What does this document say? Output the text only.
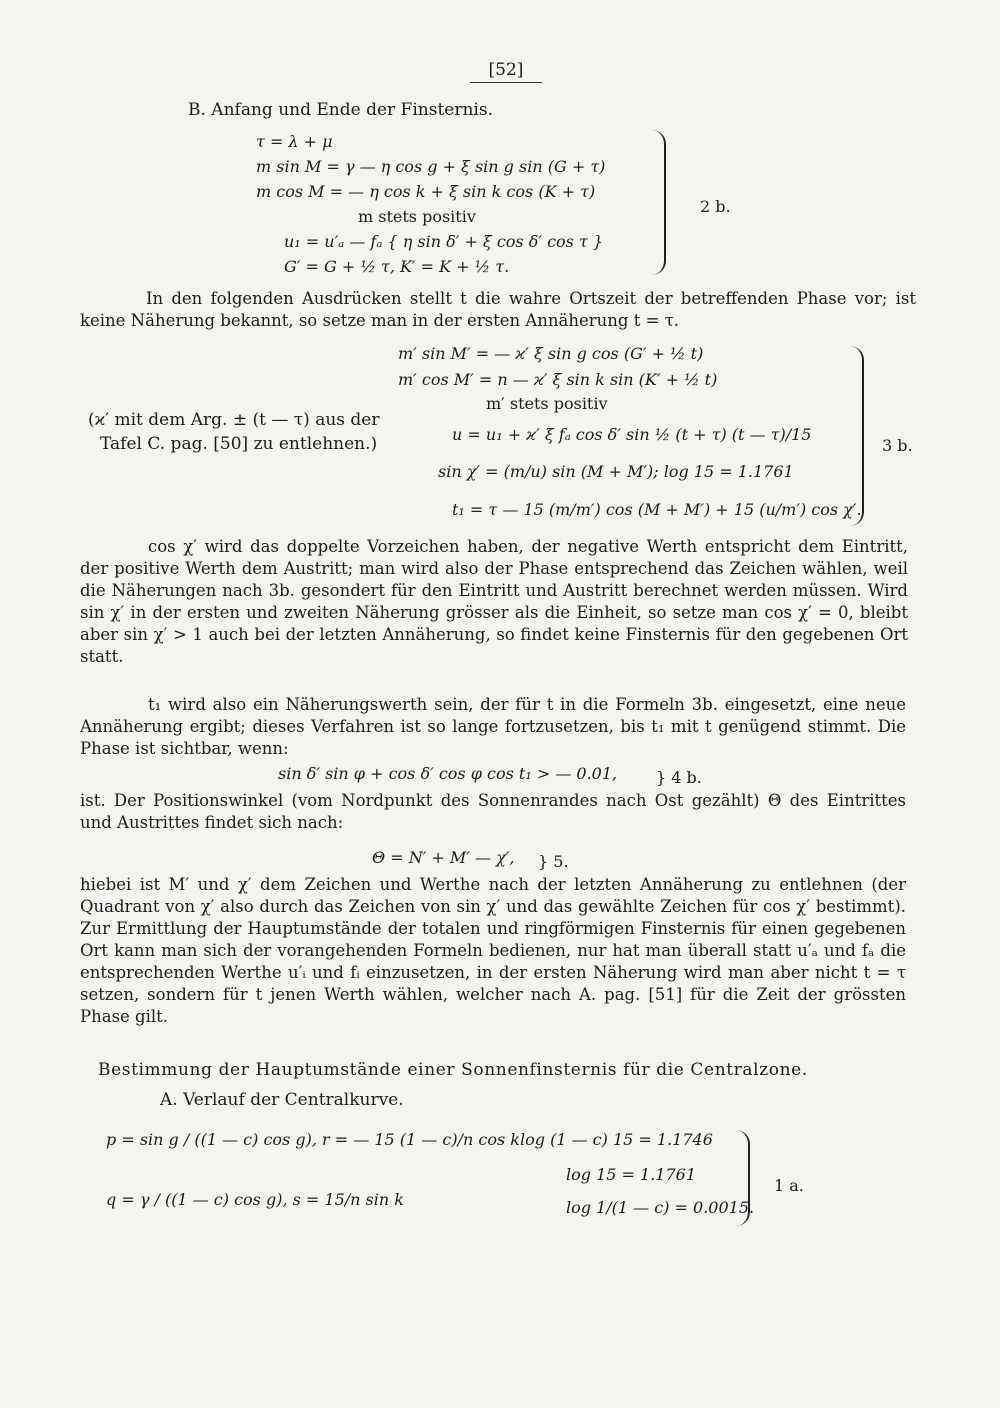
[52]
B. Anfang und Ende der Finsternis.
τ = λ + μ
m sin M = γ — η cos g + ξ sin g sin (G + τ)
m cos M = — η cos k + ξ sin k cos (K + τ)
m stets positiv
u₁ = u′ₐ — fₐ { η sin δ′ + ξ cos δ′ cos τ }
G′ = G + ½ τ, K′ = K + ½ τ.
2 b.
In den folgenden Ausdrücken stellt t die wahre Ortszeit der betreffenden Phase vor; ist keine Näherung bekannt, so setze man in der ersten Annäherung t = τ.
m′ sin M′ = — ϰ′ ξ sin g cos (G′ + ½ t)
m′ cos M′ = n — ϰ′ ξ sin k sin (K′ + ½ t)
m′ stets positiv
(ϰ′ mit dem Arg. ± (t — τ) aus der
Tafel C. pag. [50] zu entlehnen.)	u = u₁ + ϰ′ ξ fₐ cos δ′ sin ½ (t + τ) (t — τ)/15
sin χ′ = (m/u) sin (M + M′); log 15 = 1.1761
t₁ = τ — 15 (m/m′) cos (M + M′) + 15 (u/m′) cos χ′.
3 b.
cos χ′ wird das doppelte Vorzeichen haben, der negative Werth entspricht dem Eintritt, der positive Werth dem Austritt; man wird also der Phase entsprechend das Zeichen wählen, weil die Näherungen nach 3b. gesondert für den Eintritt und Austritt berechnet werden müssen. Wird sin χ′ in der ersten und zweiten Näherung grösser als die Einheit, so setze man cos χ′ = 0, bleibt aber sin χ′ > 1 auch bei der letzten Annäherung, so findet keine Finsternis für den gegebenen Ort statt.
t₁ wird also ein Näherungswerth sein, der für t in die Formeln 3b. eingesetzt, eine neue Annäherung ergibt; dieses Verfahren ist so lange fortzusetzen, bis t₁ mit t genügend stimmt. Die Phase ist sichtbar, wenn:
sin δ′ sin φ + cos δ′ cos φ cos t₁ > — 0.01, } 4 b.
ist. Der Positionswinkel (vom Nordpunkt des Sonnenrandes nach Ost gezählt) Θ des Eintrittes und Austrittes findet sich nach:
Θ = N′ + M′ — χ′, } 5.
hiebei ist M′ und χ′ dem Zeichen und Werthe nach der letzten Annäherung zu entlehnen (der Quadrant von χ′ also durch das Zeichen von sin χ′ und das gewählte Zeichen für cos χ′ bestimmt). Zur Ermittlung der Hauptumstände der totalen und ringförmigen Finsternis für einen gegebenen Ort kann man sich der vorangehenden Formeln bedienen, nur hat man überall statt u′ₐ und fₐ die entsprechenden Werthe u′ᵢ und fᵢ einzusetzen, in der ersten Näherung wird man aber nicht t = τ setzen, sondern für t jenen Werth wählen, welcher nach A. pag. [51] für die Zeit der grössten Phase gilt.
Bestimmung der Hauptumstände einer Sonnenfinsternis für die Centralzone.
A. Verlauf der Centralkurve.
p = sin g / ((1 — c) cos g), r = — 15 (1 — c)/n cos k
q = γ / ((1 — c) cos g), s = 15/n sin k
log (1 — c) 15 = 1.1746
log 15 = 1.1761
log 1/(1 — c) = 0.0015.
1 a.
